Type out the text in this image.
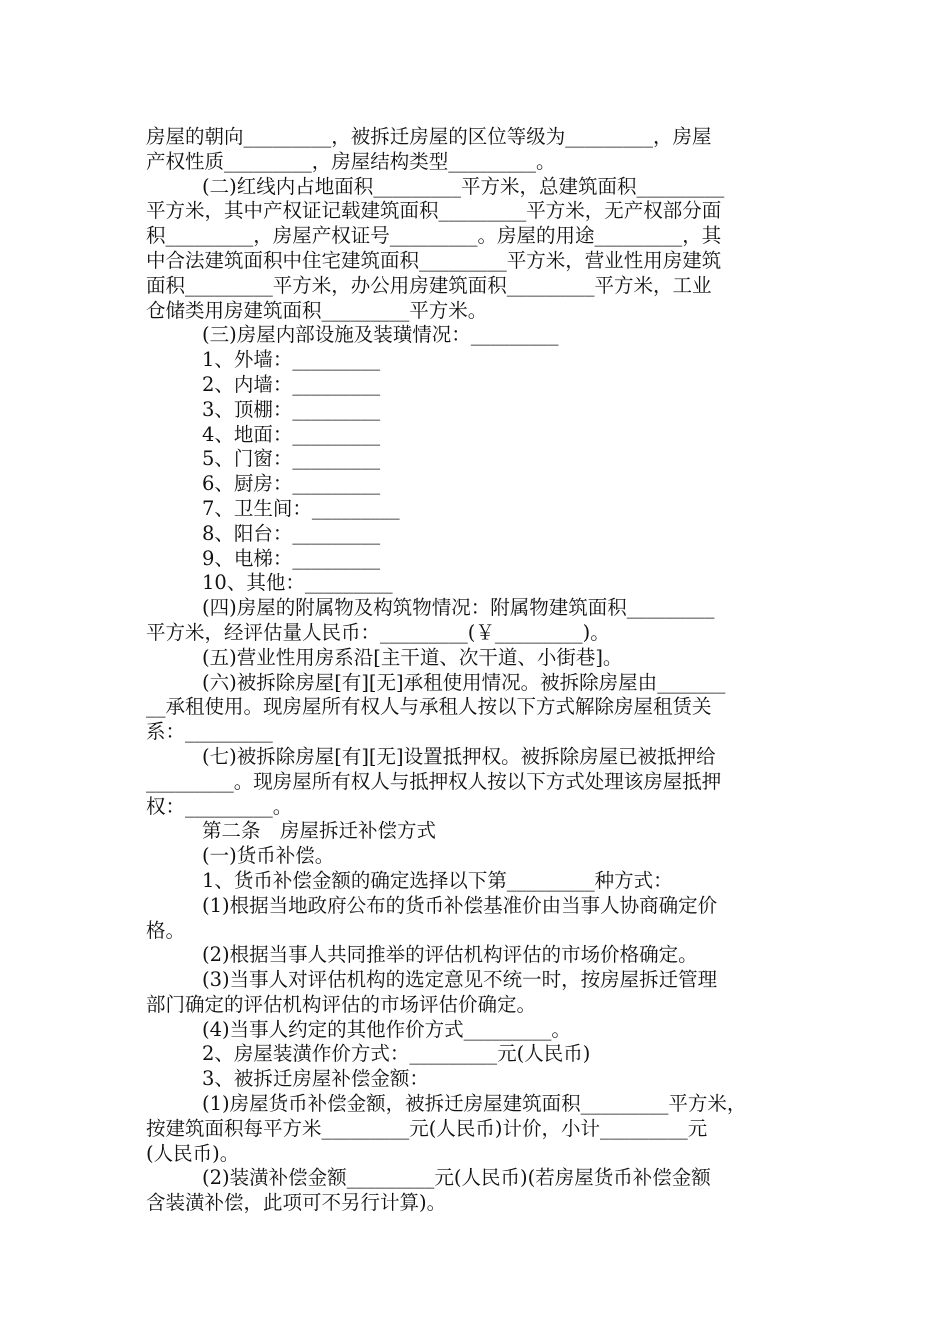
房屋的朝向_________，被拆迁房屋的区位等级为_________，房屋
产权性质_________，房屋结构类型_________。
(二)红线内占地面积_________平方米，总建筑面积_________
平方米，其中产权证记载建筑面积_________平方米，无产权部分面
积_________，房屋产权证号_________。房屋的用途_________，其
中合法建筑面积中住宅建筑面积_________平方米，营业性用房建筑
面积_________平方米，办公用房建筑面积_________平方米，工业
仓储类用房建筑面积_________平方米。
(三)房屋内部设施及装璜情况：_________
1、外墙：_________
2、内墙：_________
3、顶棚：_________
4、地面：_________
5、门窗：_________
6、厨房：_________
7、卫生间：_________
8、阳台：_________
9、电梯：_________
10、其他：_________
(四)房屋的附属物及构筑物情况：附属物建筑面积_________
平方米，经评估量人民币：_________(￥_________)。
(五)营业性用房系沿[主干道、次干道、小街巷]。
(六)被拆除房屋[有][无]承租使用情况。被拆除房屋由_______
__承租使用。现房屋所有权人与承租人按以下方式解除房屋租赁关
系：_________
(七)被拆除房屋[有][无]设置抵押权。被拆除房屋已被抵押给
_________。现房屋所有权人与抵押权人按以下方式处理该房屋抵押
权：_________。
第二条　房屋拆迁补偿方式
(一)货币补偿。
1、货币补偿金额的确定选择以下第_________种方式：
(1)根据当地政府公布的货币补偿基准价由当事人协商确定价
格。
(2)根据当事人共同推举的评估机构评估的市场价格确定。
(3)当事人对评估机构的选定意见不统一时，按房屋拆迁管理
部门确定的评估机构评估的市场评估价确定。
(4)当事人约定的其他作价方式_________。
2、房屋装潢作价方式：_________元(人民币)
3、被拆迁房屋补偿金额：
(1)房屋货币补偿金额，被拆迁房屋建筑面积_________平方米，
按建筑面积每平方米_________元(人民币)计价，小计_________元
(人民币)。
(2)装潢补偿金额_________元(人民币)(若房屋货币补偿金额
含装潢补偿，此项可不另行计算)。
